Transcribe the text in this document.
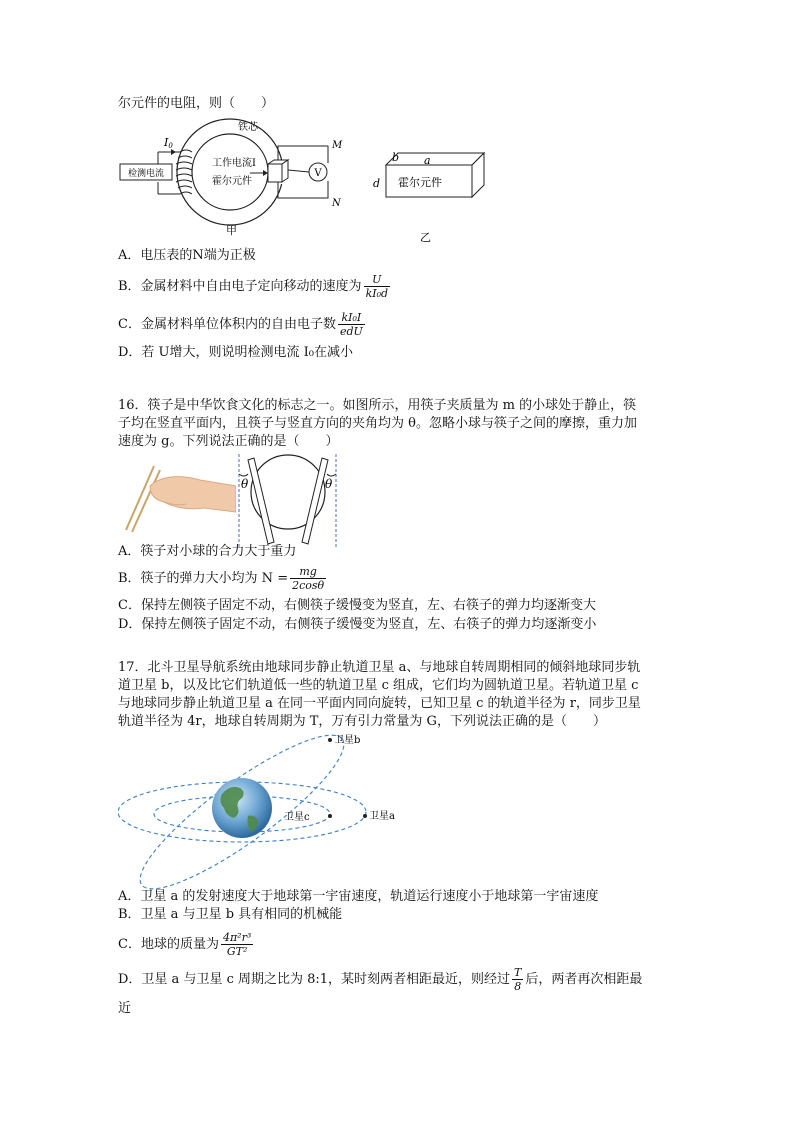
尔元件的电阻，则（　　）
检测电流
I0
铁芯
工作电流I
霍尔元件
V
M
N
甲
b a
d 霍尔元件
乙
A．电压表的N端为正极
B．金属材料中自由电子定向移动的速度为 $\frac{U}{\text{kI₀d}}$
C．金属材料单位体积内的自由电子数 $\frac{\text{kI₀I}}{\text{edU}}$
D．若 U增大，则说明检测电流 I₀在减小
16．筷子是中华饮食文化的标志之一。如图所示，用筷子夹质量为 m 的小球处于静止，筷
子均在竖直平面内，且筷子与竖直方向的夹角均为 θ。忽略小球与筷子之间的摩擦，重力加
速度为 g。下列说法正确的是（　　）
θ	θ
A．筷子对小球的合力大于重力
B．筷子的弹力大小均为 $N = \frac{mg}{2\cos\theta}$
C．保持左侧筷子固定不动，右侧筷子缓慢变为竖直，左、右筷子的弹力均逐渐变大
D．保持左侧筷子固定不动，右侧筷子缓慢变为竖直，左、右筷子的弹力均逐渐变小
17．北斗卫星导航系统由地球同步静止轨道卫星 a、与地球自转周期相同的倾斜地球同步轨
道卫星 b，以及比它们轨道低一些的轨道卫星 c 组成，它们均为圆轨道卫星。若轨道卫星 c
与地球同步静止轨道卫星 a 在同一平面内同向旋转，已知卫星 c 的轨道半径为 r，同步卫星
轨道半径为 4r，地球自转周期为 T，万有引力常量为 G，下列说法正确的是（　　）
卫星b
卫星c	卫星a
A．卫星 a 的发射速度大于地球第一宇宙速度，轨道运行速度小于地球第一宇宙速度
B．卫星 a 与卫星 b 具有相同的机械能
C．地球的质量为 $\frac{\text{4π²r³}}{\text{GT²}}$
D．卫星 a 与卫星 c 周期之比为 8:1，某时刻两者相距最近，则经过 $\frac{T}{8}$ 后，两者再次相距最
近
